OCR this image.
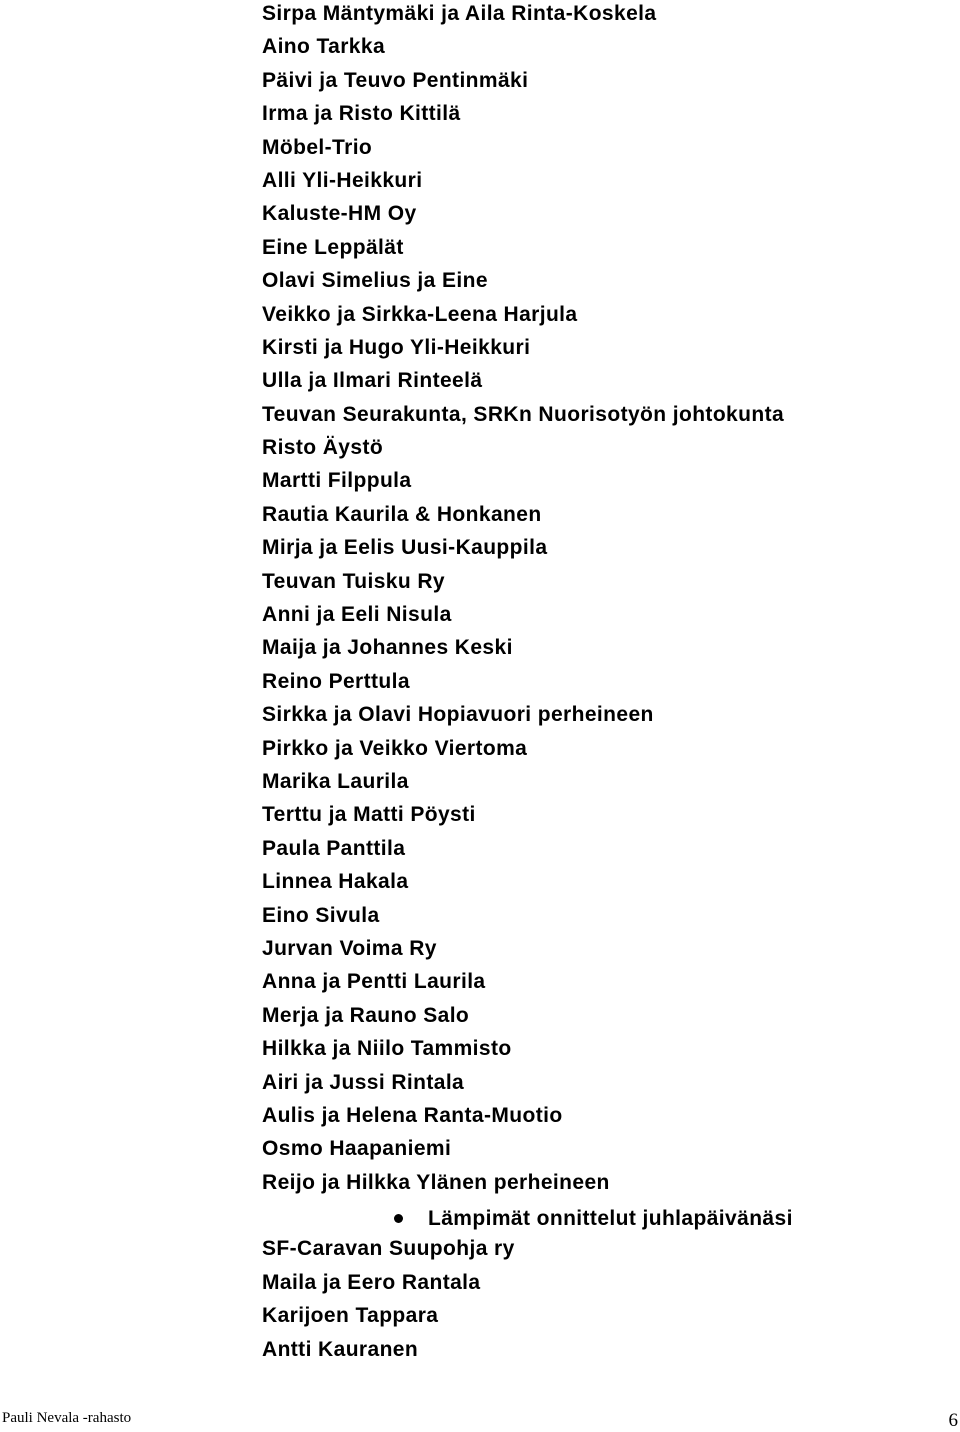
Sirpa Mäntymäki ja Aila Rinta-Koskela
Aino Tarkka
Päivi ja Teuvo Pentinmäki
Irma ja Risto Kittilä
Möbel-Trio
Alli Yli-Heikkuri
Kaluste-HM Oy
Eine Leppälät
Olavi Simelius ja Eine
Veikko ja Sirkka-Leena Harjula
Kirsti ja Hugo Yli-Heikkuri
Ulla ja Ilmari Rinteelä
Teuvan Seurakunta, SRKn Nuorisotyön johtokunta
Risto Äystö
Martti Filppula
Rautia Kaurila & Honkanen
Mirja ja Eelis Uusi-Kauppila
Teuvan Tuisku Ry
Anni ja Eeli Nisula
Maija ja Johannes Keski
Reino Perttula
Sirkka ja Olavi Hopiavuori perheineen
Pirkko ja Veikko Viertoma
Marika Laurila
Terttu ja Matti Pöysti
Paula Panttila
Linnea Hakala
Eino Sivula
Jurvan Voima Ry
Anna ja Pentti Laurila
Merja ja Rauno Salo
Hilkka ja Niilo Tammisto
Airi ja Jussi Rintala
Aulis ja Helena Ranta-Muotio
Osmo Haapaniemi
Reijo ja Hilkka Ylänen perheineen
Lämpimät onnittelut juhlapäivänäsi
SF-Caravan Suupohja ry
Maila ja Eero Rantala
Karijoen Tappara
Antti Kauranen
Pauli Nevala -rahasto	6
